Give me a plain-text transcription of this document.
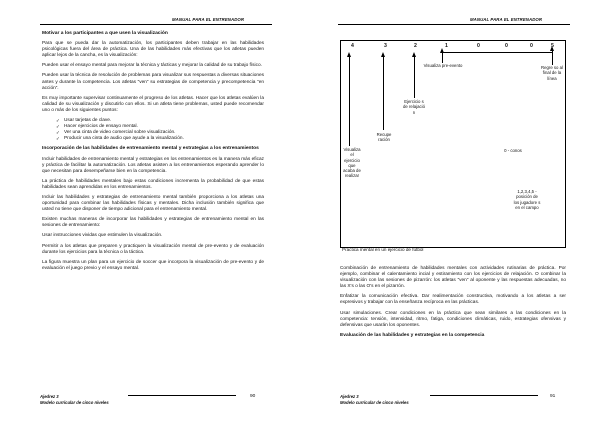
MANUAL PARA EL ENTRENADOR
Motivar a los participantes a que usen la visualización

Para que se pueda dar la automatización, los participantes deben trabajar en las habilidades psicológicas fuera del área de práctica. Una de las habilidades más efectivas que los atletas pueden aplicar lejos de la cancha, es la visualización:

Pueden usar el ensayo mental para mejorar la técnica y tácticas y mejorar la calidad de su trabajo físico.

Pueden usar la técnica de resolución de problemas para visualizar sus respuestas a diversas situaciones antes y durante la competencia. Los atletas “ven” su estrategias de competencia y precompetencia “en acción”.

Es muy importante supervisar continuamente el progreso de los atletas. Hacer que los atletas evalúen la calidad de su visualización y discutirlo con ellos. Si un atleta tiene problemas, usted puede recomendar uno o más de los siguientes puntos:

✓ Usar tarjetas de clave.
✓ Hacer ejercicios de ensayo mental.
✓ Ver una cinta de video comercial sobre visualización.
✓ Producir una cinta de audio que ayude a la visualización.
Incorporación de las habilidades de entrenamiento mental y estrategias a los entrenamientos

Incluir habilidades de entrenamiento mental y estrategias en los entrenamientos es la manera más eficaz y práctica de facilitar la automatización. Los atletas asisten a los entrenamientos esperando aprender lo que necesitan para desempeñarse bien en la competencia.

La práctica de habilidades mentales bajo estas condiciones incrementa la probabilidad de que estas habilidades sean aprendidas en los entrenamientos.

Incluir las habilidades y estrategias de entrenamiento mental también proporciona a los atletas una oportunidad para combinar las habilidades físicas y mentales. Dicha inclusión también significa que usted no tiene que disponer de tiempo adicional para el entrenamiento mental.

Existen muchas maneras de incorporar las habilidades y estrategias de entrenamiento mental en las sesiones de entrenamiento:

Usar instrucciones vividas que estimulen la visualización.

Permitir a los atletas que preparen y practiquen la visualización mental de pre-evento y de evaluación durante los ejercicios para la técnica o la táctica.

La figura muestra un plan para un ejercicio de soccer que incorpora la visualización de pre-evento y de evaluación el juego previo y el ensayo mental.

Ajedrez 3
Modelo curricular de cinco niveles
90
MANUAL PARA EL ENTRENADOR
4	3	2	1	0	0	0	5
Visualiza el ejercicio que acaba de realizar
Recupe ración
Ejercicio s de relajació n
Visualiza pre-evento	Regre so al final de la línea
0 - conos
1,2,3,4,5 - posición de los jugadore s en el campo
Práctica mental en un ejercicio de fútbol

Combinación de entrenamiento de habilidades mentales con actividades rutinarias de práctica. Por ejemplo, combinar el calentamiento incial y estiramiento con los ejercicios de relajación. O combinar la visualización con las sesiones de pizarrón: los atletas “ven” al oponente y las respuestas adecuadas, no las X's o las O's en el pizarrón.

Enfatizar la comunicación efectiva. Dar realimentación constructiva, motivando a los atletas a ser expresivos y trabajar con la enseñanza recíproca en las prácticas.

Usar simulaciones. Crear condiciones en la práctica que sean similares a las condiciones en la competencia: tensión, intensidad, ritmo, fatiga, condiciones climáticas, ruido, estrategias ofensivas y defensivas que usarán los oponentes.

Evaluación de las habilidades y estrategias en la competencia
Ajedrez 3
Modelo curricular de cinco niveles
91
